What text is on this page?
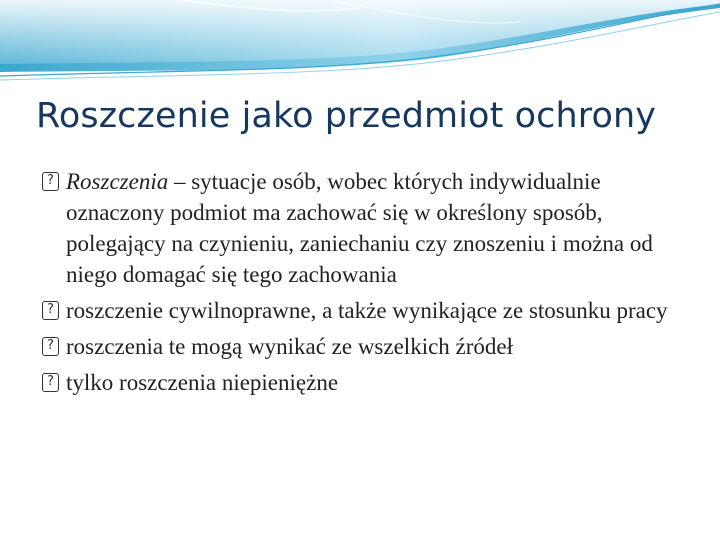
Roszczenie jako przedmiot ochrony
? Roszczenia – sytuacje osób, wobec których indywidualnie oznaczony podmiot ma zachować się w określony sposób, polegający na czynieniu, zaniechaniu czy znoszeniu i można od niego domagać się tego zachowania
? roszczenie cywilnoprawne, a także wynikające ze stosunku pracy
? roszczenia te mogą wynikać ze wszelkich źródeł
? tylko roszczenia niepieniężne
